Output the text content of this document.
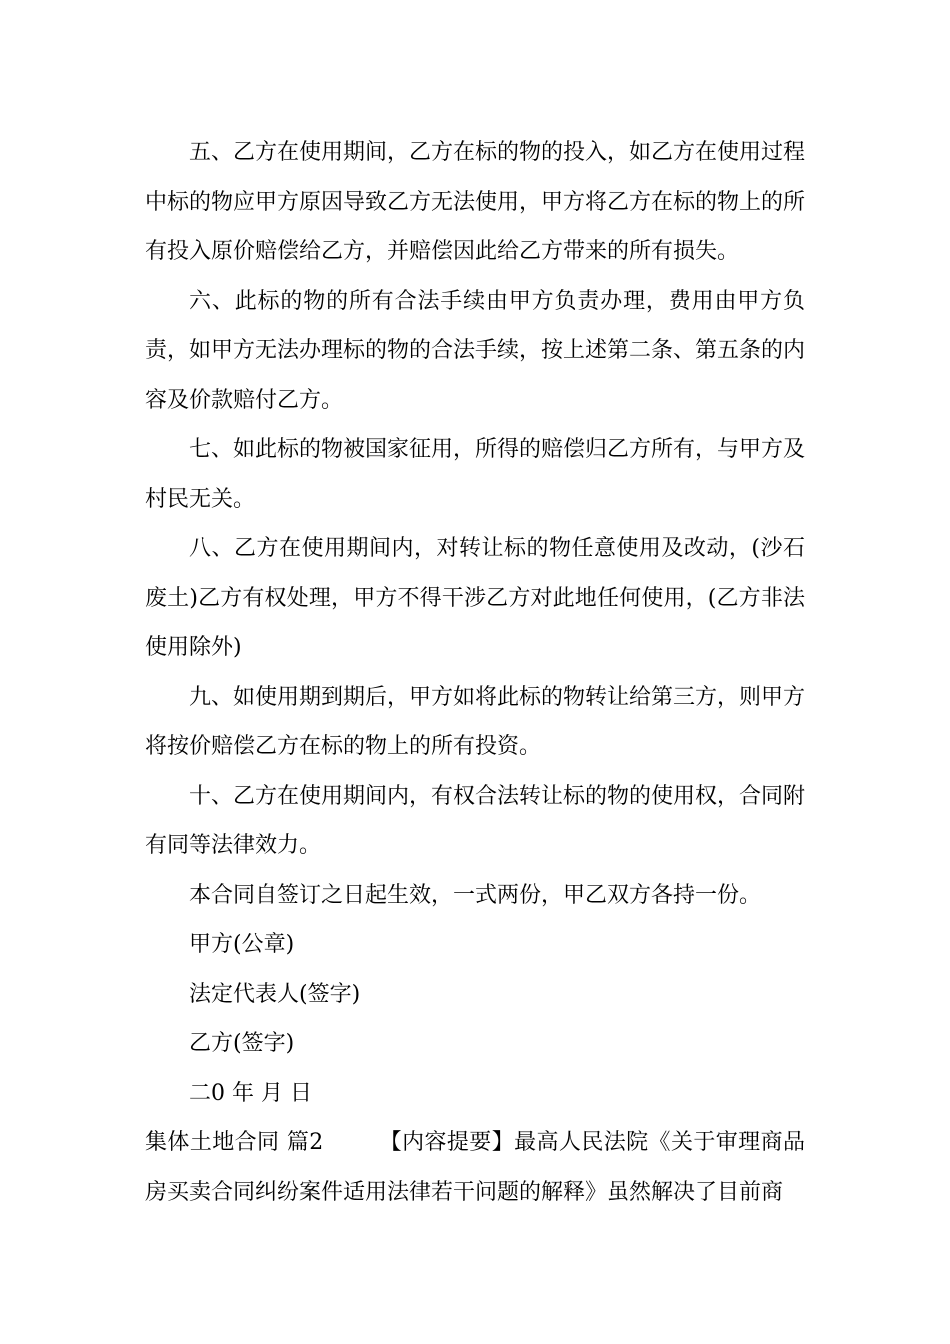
五、乙方在使用期间，乙方在标的物的投入，如乙方在使用过程中标的物应甲方原因导致乙方无法使用，甲方将乙方在标的物上的所有投入原价赔偿给乙方，并赔偿因此给乙方带来的所有损失。

六、此标的物的所有合法手续由甲方负责办理，费用由甲方负责，如甲方无法办理标的物的合法手续，按上述第二条、第五条的内容及价款赔付乙方。

七、如此标的物被国家征用，所得的赔偿归乙方所有，与甲方及村民无关。

八、乙方在使用期间内，对转让标的物任意使用及改动，(沙石废土)乙方有权处理，甲方不得干涉乙方对此地任何使用，(乙方非法使用除外)

九、如使用期到期后，甲方如将此标的物转让给第三方，则甲方将按价赔偿乙方在标的物上的所有投资。

十、乙方在使用期间内，有权合法转让标的物的使用权，合同附有同等法律效力。

本合同自签订之日起生效，一式两份，甲乙双方各持一份。

甲方(公章)

法定代表人(签字)

乙方(签字)

二0 年 月 日

集体土地合同 篇2	【内容提要】最高人民法院《关于审理商品房买卖合同纠纷案件适用法律若干问题的解释》虽然解决了目前商
